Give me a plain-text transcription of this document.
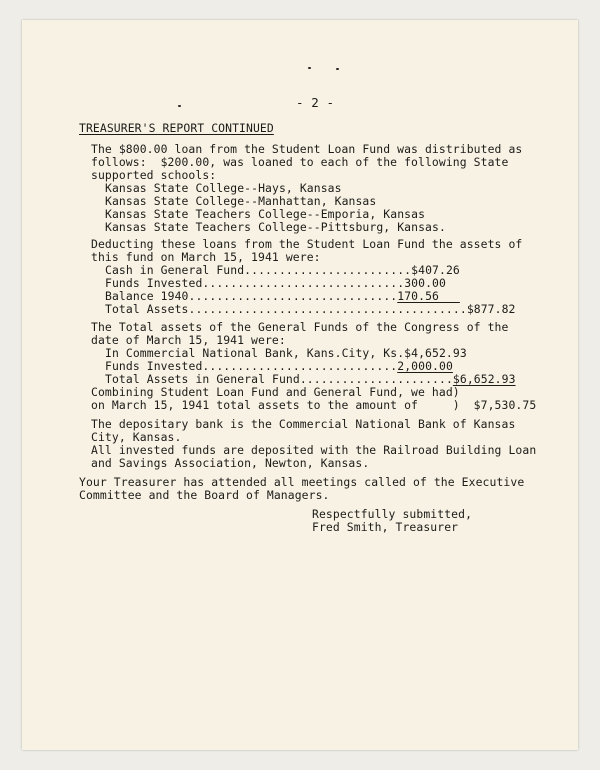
- 2 -
TREASURER'S REPORT CONTINUED
The $800.00 loan from the Student Loan Fund was distributed as
follows:  $200.00, was loaned to each of the following State
supported schools:
Kansas State College--Hays, Kansas
Kansas State College--Manhattan, Kansas
Kansas State Teachers College--Emporia, Kansas
Kansas State Teachers College--Pittsburg, Kansas.
Deducting these loans from the Student Loan Fund the assets of
this fund on March 15, 1941 were:
Cash in General Fund........................$407.26
Funds Invested.............................300.00
Balance 1940..............................170.56
Total Assets........................................$877.82
The Total assets of the General Funds of the Congress of the
date of March 15, 1941 were:
In Commercial National Bank, Kans.City, Ks.$4,652.93
Funds Invested............................2,000.00
Total Assets in General Fund......................$6,652.93
Combining Student Loan Fund and General Fund, we had)
on March 15, 1941 total assets to the amount of     )  $7,530.75
The depositary bank is the Commercial National Bank of Kansas
City, Kansas.
All invested funds are deposited with the Railroad Building Loan
and Savings Association, Newton, Kansas.
Your Treasurer has attended all meetings called of the Executive
Committee and the Board of Managers.
Respectfully submitted,
Fred Smith, Treasurer
